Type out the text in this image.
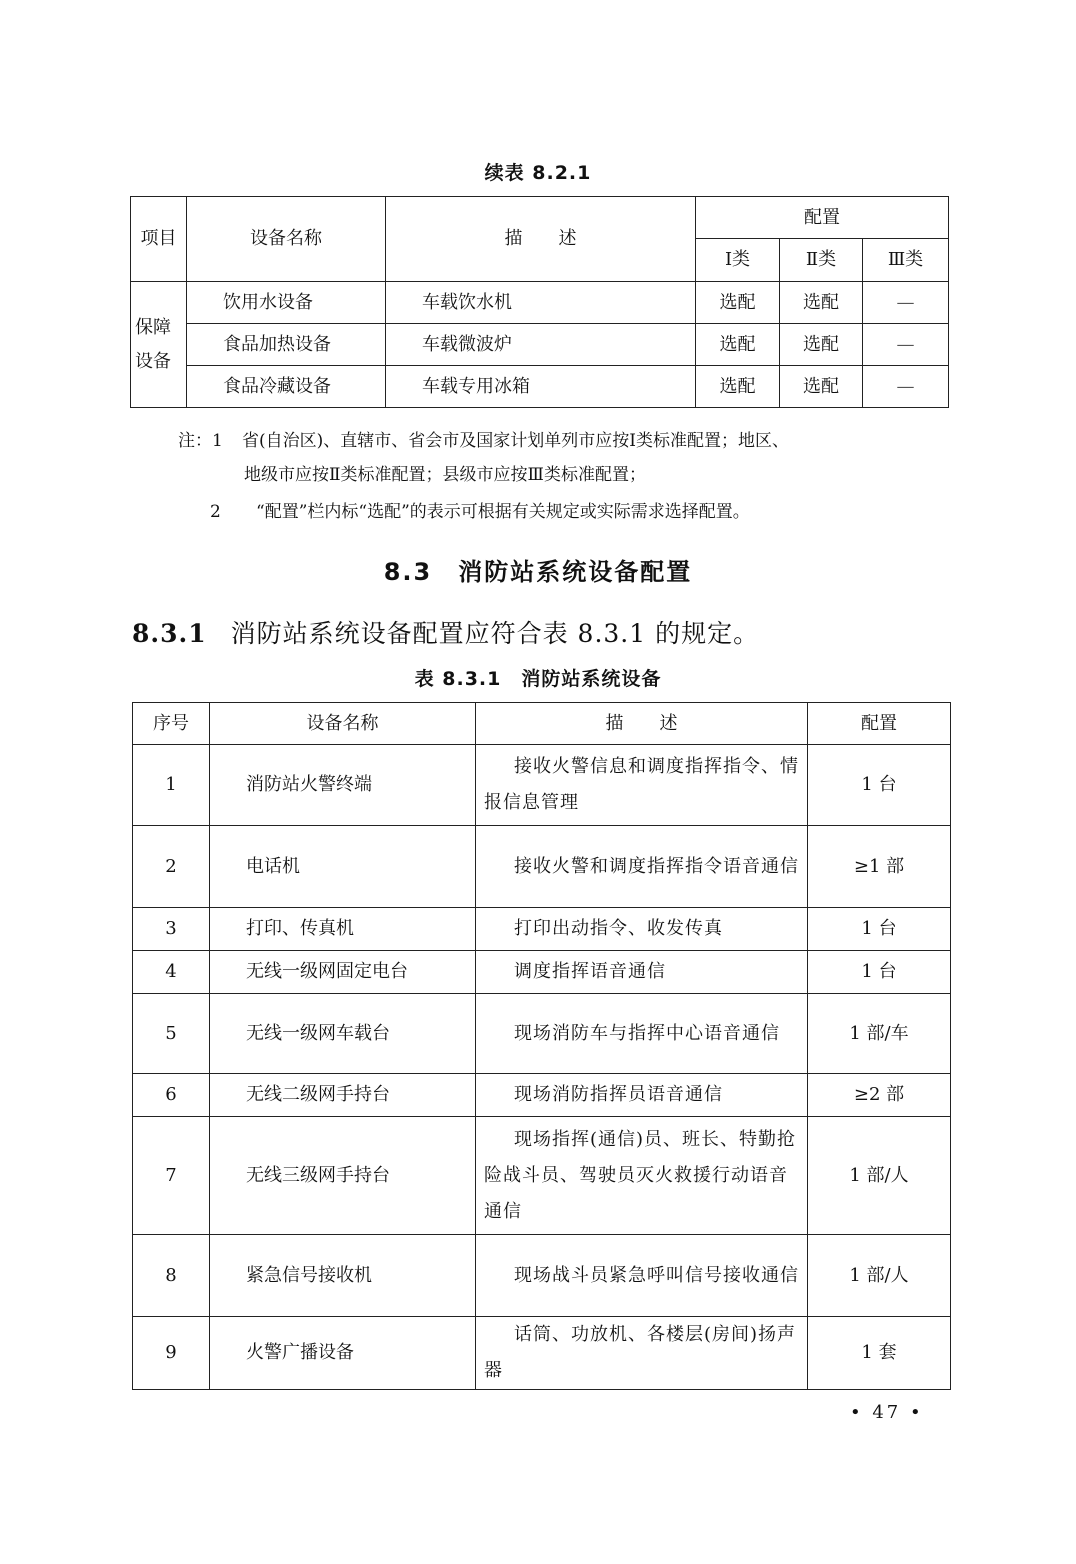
续表 8.2.1
项目	设备名称	描　　述	配置		
			Ⅰ类	Ⅱ类	Ⅲ类
保障设备	饮用水设备	车载饮水机	选配	选配	—
	食品加热设备	车载微波炉	选配	选配	—
	食品冷藏设备	车载专用冰箱	选配	选配	—
注：1 省(自治区)、直辖市、省会市及国家计划单列市应按Ⅰ类标准配置；地区、
地级市应按Ⅱ类标准配置；县级市应按Ⅲ类标准配置；
2 “配置”栏内标“选配”的表示可根据有关规定或实际需求选择配置。
8.3　消防站系统设备配置
8.3.1 消防站系统设备配置应符合表 8.3.1 的规定。
表 8.3.1　消防站系统设备
序号	设备名称	描　　述	配置
1	消防站火警终端	接收火警信息和调度指挥指令、情报信息管理	1 台
2	电话机	接收火警和调度指挥指令语音通信	≥1 部
3	打印、传真机	打印出动指令、收发传真	1 台
4	无线一级网固定电台	调度指挥语音通信	1 台
5	无线一级网车载台	现场消防车与指挥中心语音通信	1 部/车
6	无线二级网手持台	现场消防指挥员语音通信	≥2 部
7	无线三级网手持台	现场指挥(通信)员、班长、特勤抢险战斗员、驾驶员灭火救援行动语音通信	1 部/人
8	紧急信号接收机	现场战斗员紧急呼叫信号接收通信	1 部/人
9	火警广播设备	话筒、功放机、各楼层(房间)扬声器	1 套
• 47 •
